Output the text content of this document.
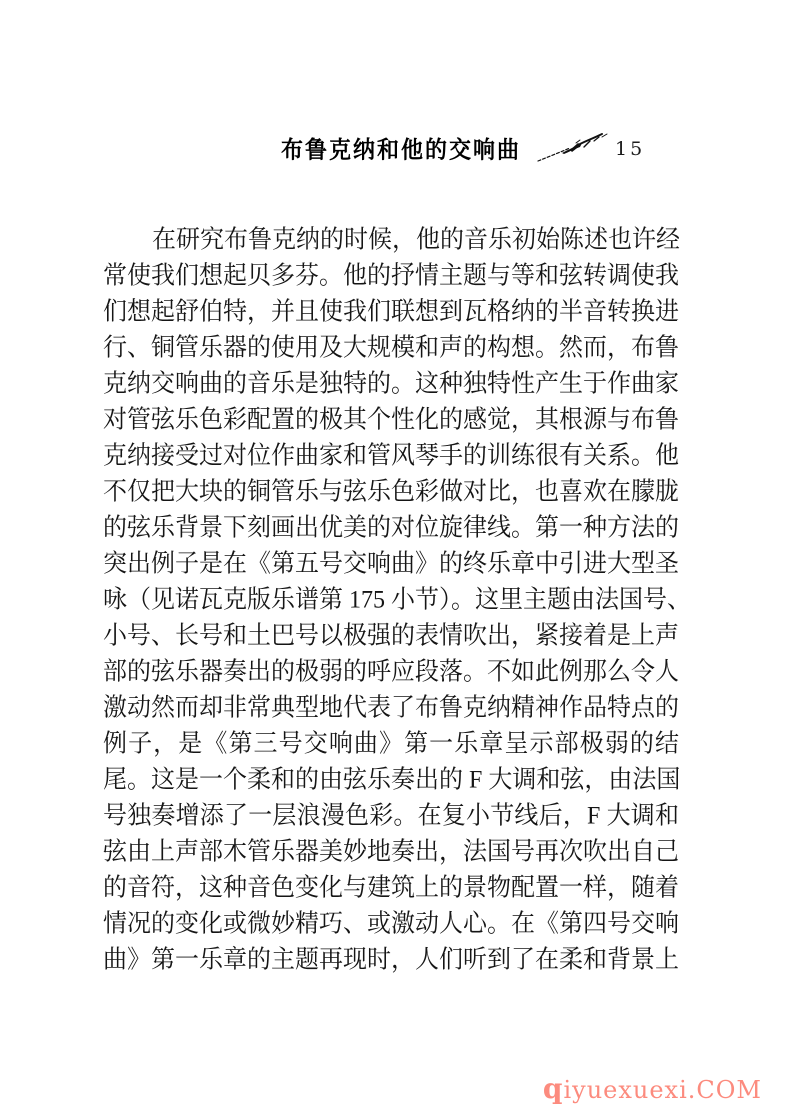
布鲁克纳和他的交响曲	15
在研究布鲁克纳的时候，他的音乐初始陈述也许经
常使我们想起贝多芬。他的抒情主题与等和弦转调使我
们想起舒伯特，并且使我们联想到瓦格纳的半音转换进
行、铜管乐器的使用及大规模和声的构想。然而，布鲁
克纳交响曲的音乐是独特的。这种独特性产生于作曲家
对管弦乐色彩配置的极其个性化的感觉，其根源与布鲁
克纳接受过对位作曲家和管风琴手的训练很有关系。他
不仅把大块的铜管乐与弦乐色彩做对比，也喜欢在朦胧
的弦乐背景下刻画出优美的对位旋律线。第一种方法的
突出例子是在《第五号交响曲》的终乐章中引进大型圣
咏（见诺瓦克版乐谱第 175 小节）。这里主题由法国号、
小号、长号和土巴号以极强的表情吹出，紧接着是上声
部的弦乐器奏出的极弱的呼应段落。不如此例那么令人
激动然而却非常典型地代表了布鲁克纳精神作品特点的
例子，是《第三号交响曲》第一乐章呈示部极弱的结
尾。这是一个柔和的由弦乐奏出的 F 大调和弦，由法国
号独奏增添了一层浪漫色彩。在复小节线后，F 大调和
弦由上声部木管乐器美妙地奏出，法国号再次吹出自己
的音符，这种音色变化与建筑上的景物配置一样，随着
情况的变化或微妙精巧、或激动人心。在《第四号交响
曲》第一乐章的主题再现时，人们听到了在柔和背景上
qiyuexuexi.COM
